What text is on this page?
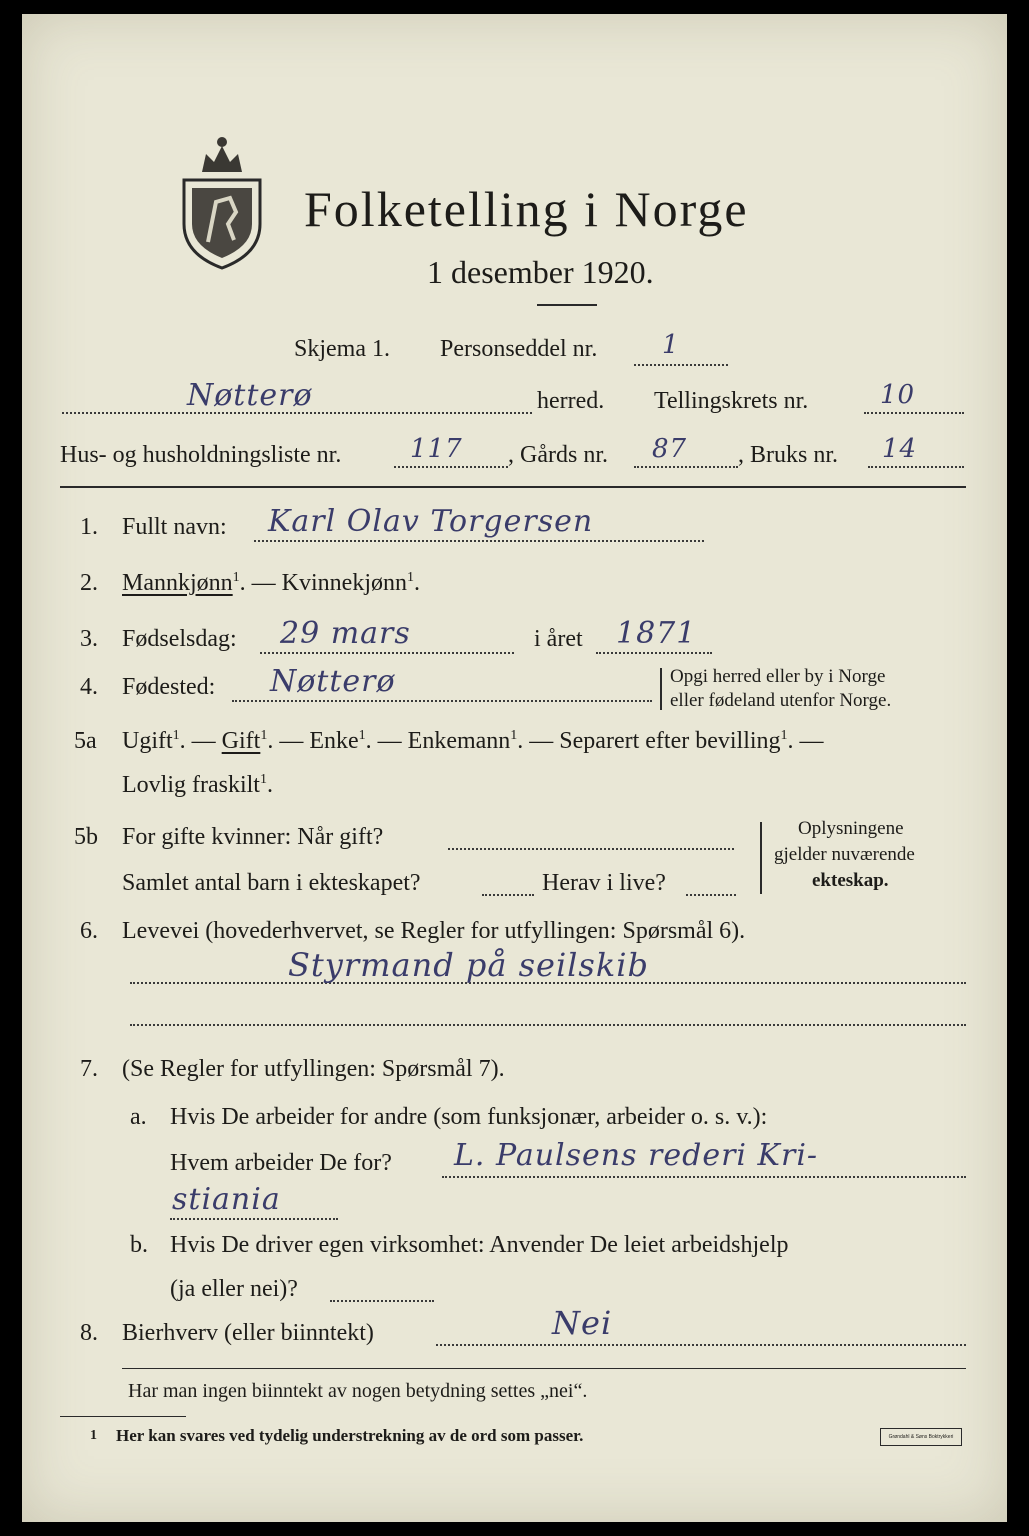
Folketelling i Norge
1 desember 1920.
Skjema 1. Personseddel nr. 1
Nøtterø	herred. Tellingskrets nr.	10
Hus- og husholdningsliste nr.	117 , Gårds nr. 87 , Bruks nr. 14
1. Fullt navn: Karl Olav Torgersen
2. Mannkjønn$^1$. — Kvinnekjønn$^1$.
3. Fødselsdag: 29 mars	i året 1871
4. Fødested: Nøtterø	Opgi herred eller by i Norge
eller fødeland utenfor Norge.
5a Ugift$^1$. — Gift$^1$. — Enke$^1$. — Enkemann$^1$. — Separert efter bevilling$^1$. —
Lovlig fraskilt$^1$.
5b For gifte kvinner: Når gift?
Samlet antal barn i ekteskapet?	Herav i live?
Oplysningene
gjelder nuværende
ekteskap.
6. Levevei (hovederhvervet, se Regler for utfyllingen: Spørsmål 6).
Styrmand på seilskib
7. (Se Regler for utfyllingen: Spørsmål 7).
a. Hvis De arbeider for andre (som funksjonær, arbeider o. s. v.):
Hvem arbeider De for? L. Paulsens rederi Kri-
stiania
b. Hvis De driver egen virksomhet: Anvender De leiet arbeidshjelp
(ja eller nei)?
8. Bierhverv (eller biinntekt)	Nei
Har man ingen biinntekt av nogen betydning settes „nei“.
1 Her kan svares ved tydelig understrekning av de ord som passer.	Grøndahl & Søns Boktrykkeri
